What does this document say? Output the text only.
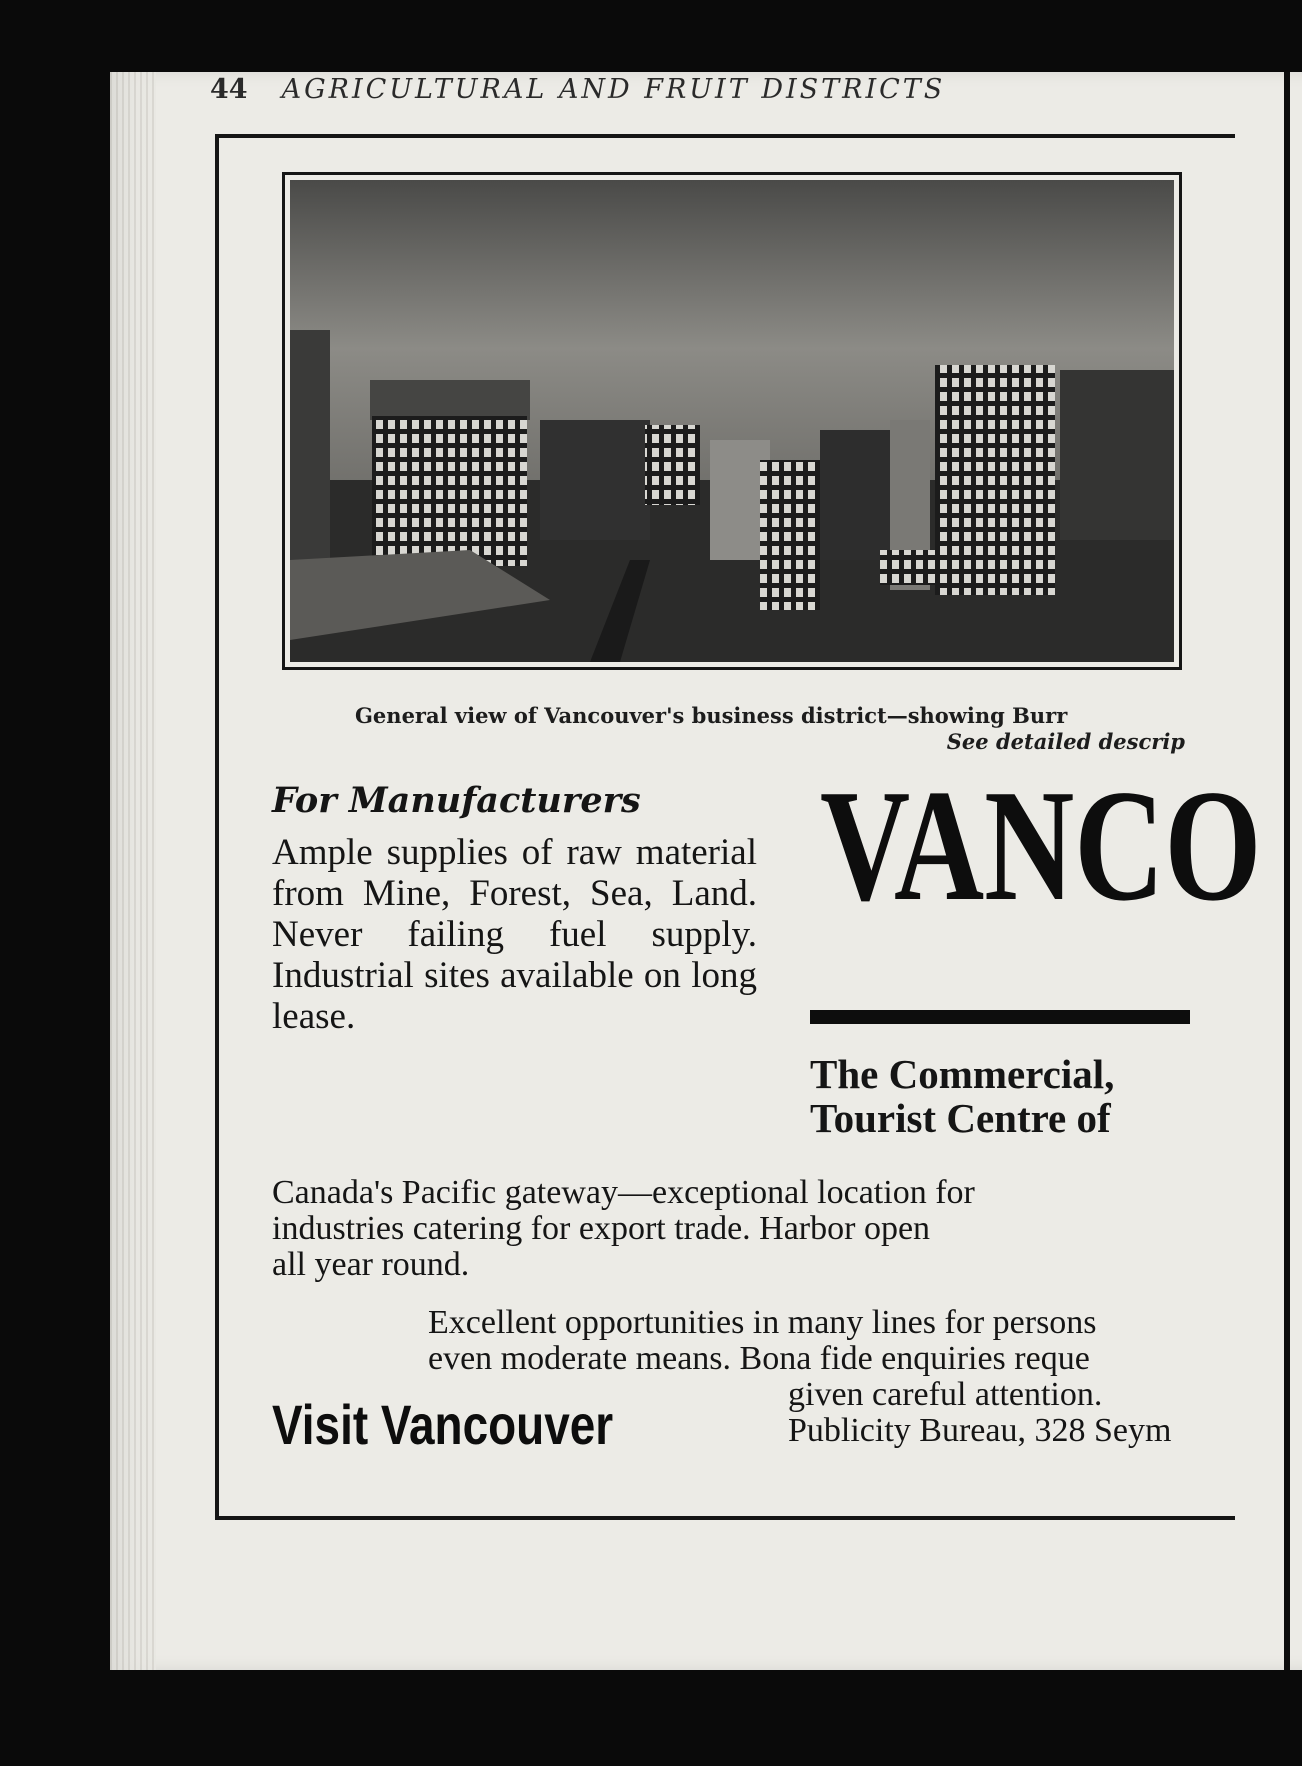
44 AGRICULTURAL AND FRUIT DISTRICTS
General view of Vancouver's business district—showing Burr
See detailed descrip
For Manufacturers
Ample supplies of raw material from Mine, Forest, Sea, Land. Never failing fuel supply. Industrial sites available on long lease.
VANCO
The Commercial,
Tourist Centre of
Canada's Pacific gateway—exceptional location for
industries catering for export trade. Harbor open
all year round.
Excellent opportunities in many lines for persons
even moderate means. Bona fide enquiries reque
Visit Vancouver	given careful attention.
Publicity Bureau, 328 Seym
